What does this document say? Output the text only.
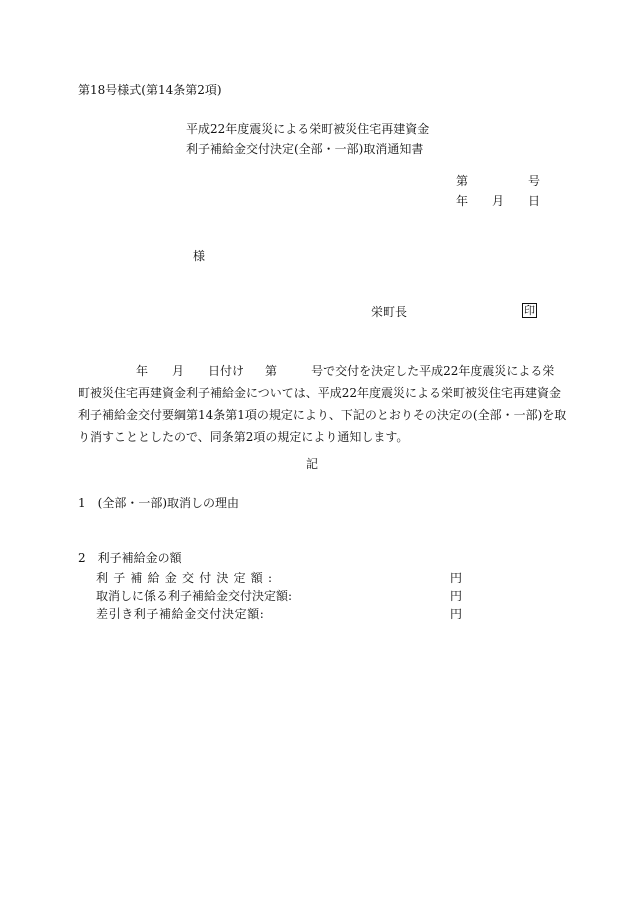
第18号様式(第14条第2項)
平成22年度震災による栄町被災住宅再建資金
利子補給金交付決定(全部・一部)取消通知書
第	号
年 月 日
様
栄町長	印
年 月 日付け 第	号で交付を決定した平成22年度震災による栄
町被災住宅再建資金利子補給金については、平成22年度震災による栄町被災住宅再建資金
利子補給金交付要綱第14条第1項の規定により、下記のとおりその決定の(全部・一部)を取
り消すこととしたので、同条第2項の規定により通知します。
記
1　(全部・一部)取消しの理由
2　利子補給金の額
利子補給金交付決定額:	円
取消しに係る利子補給金交付決定額:	円
差引き利子補給金交付決定額:	円
